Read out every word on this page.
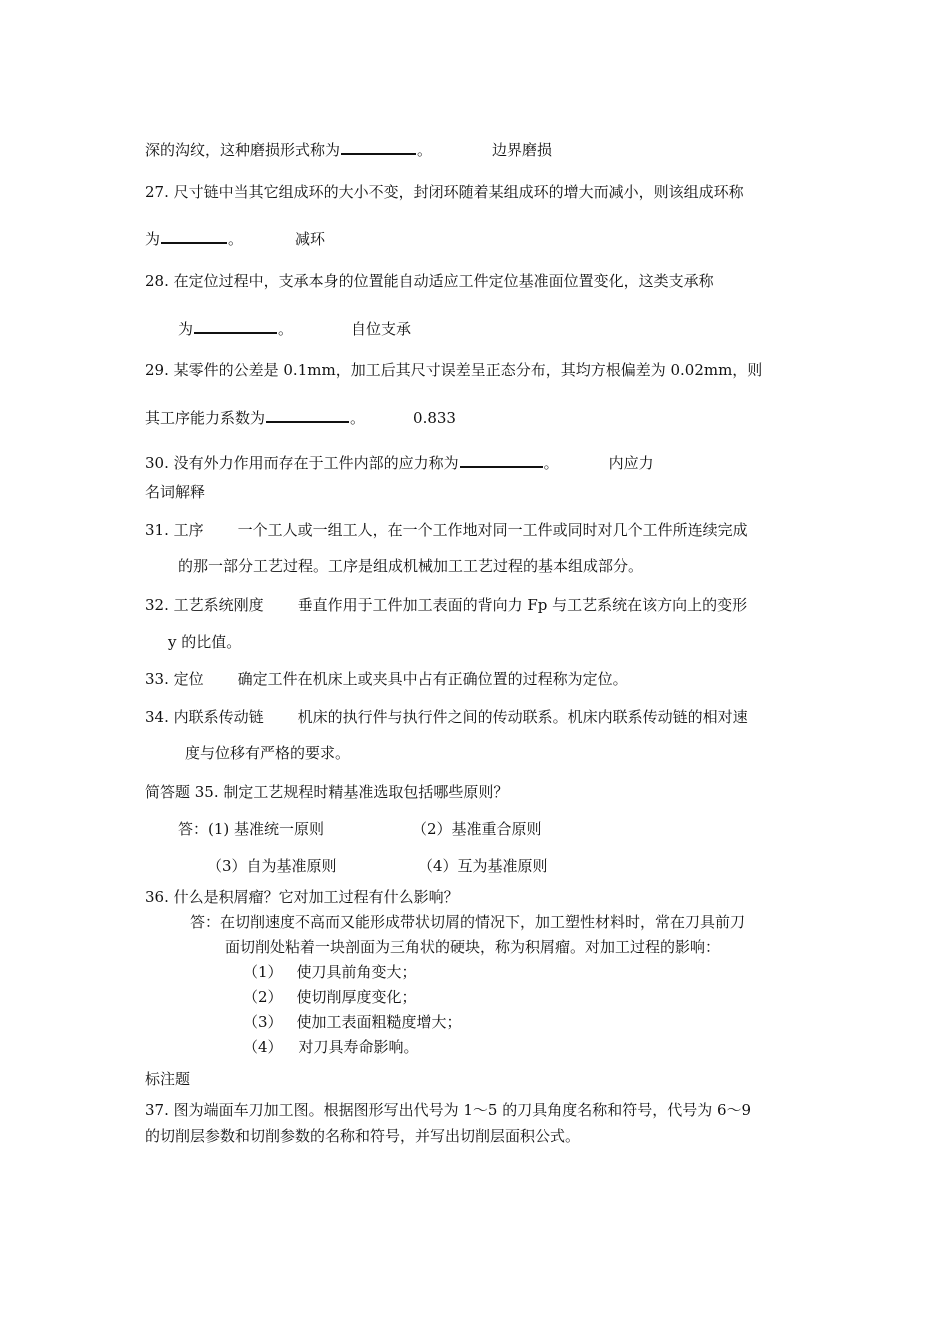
深的沟纹，这种磨损形式称为	。	边界磨损
27. 尺寸链中当其它组成环的大小不变，封闭环随着某组成环的增大而减小，则该组成环称
为	。	减环
28. 在定位过程中，支承本身的位置能自动适应工件定位基准面位置变化，这类支承称
为	。	自位支承
29. 某零件的公差是 0.1mm，加工后其尺寸误差呈正态分布，其均方根偏差为 0.02mm，则
其工序能力系数为	。	0.833
30. 没有外力作用而存在于工件内部的应力称为	。	内应力
名词解释
31. 工序 一个工人或一组工人，在一个工作地对同一工件或同时对几个工件所连续完成
的那一部分工艺过程。工序是组成机械加工工艺过程的基本组成部分。
32. 工艺系统刚度 垂直作用于工件加工表面的背向力 Fp 与工艺系统在该方向上的变形
y 的比值。
33. 定位 确定工件在机床上或夹具中占有正确位置的过程称为定位。
34. 内联系传动链 机床的执行件与执行件之间的传动联系。机床内联系传动链的相对速
度与位移有严格的要求。
简答题 35. 制定工艺规程时精基准选取包括哪些原则？
答：(1) 基准统一原则	（2）基准重合原则
（3）自为基准原则	（4）互为基准原则
36. 什么是积屑瘤？它对加工过程有什么影响？
答：在切削速度不高而又能形成带状切屑的情况下，加工塑性材料时，常在刀具前刀
面切削处粘着一块剖面为三角状的硬块，称为积屑瘤。对加工过程的影响：
（1） 使刀具前角变大；
（2） 使切削厚度变化；
（3） 使加工表面粗糙度增大；
（4） 对刀具寿命影响。
标注题
37. 图为端面车刀加工图。根据图形写出代号为 1～5 的刀具角度名称和符号，代号为 6～9
的切削层参数和切削参数的名称和符号，并写出切削层面积公式。
